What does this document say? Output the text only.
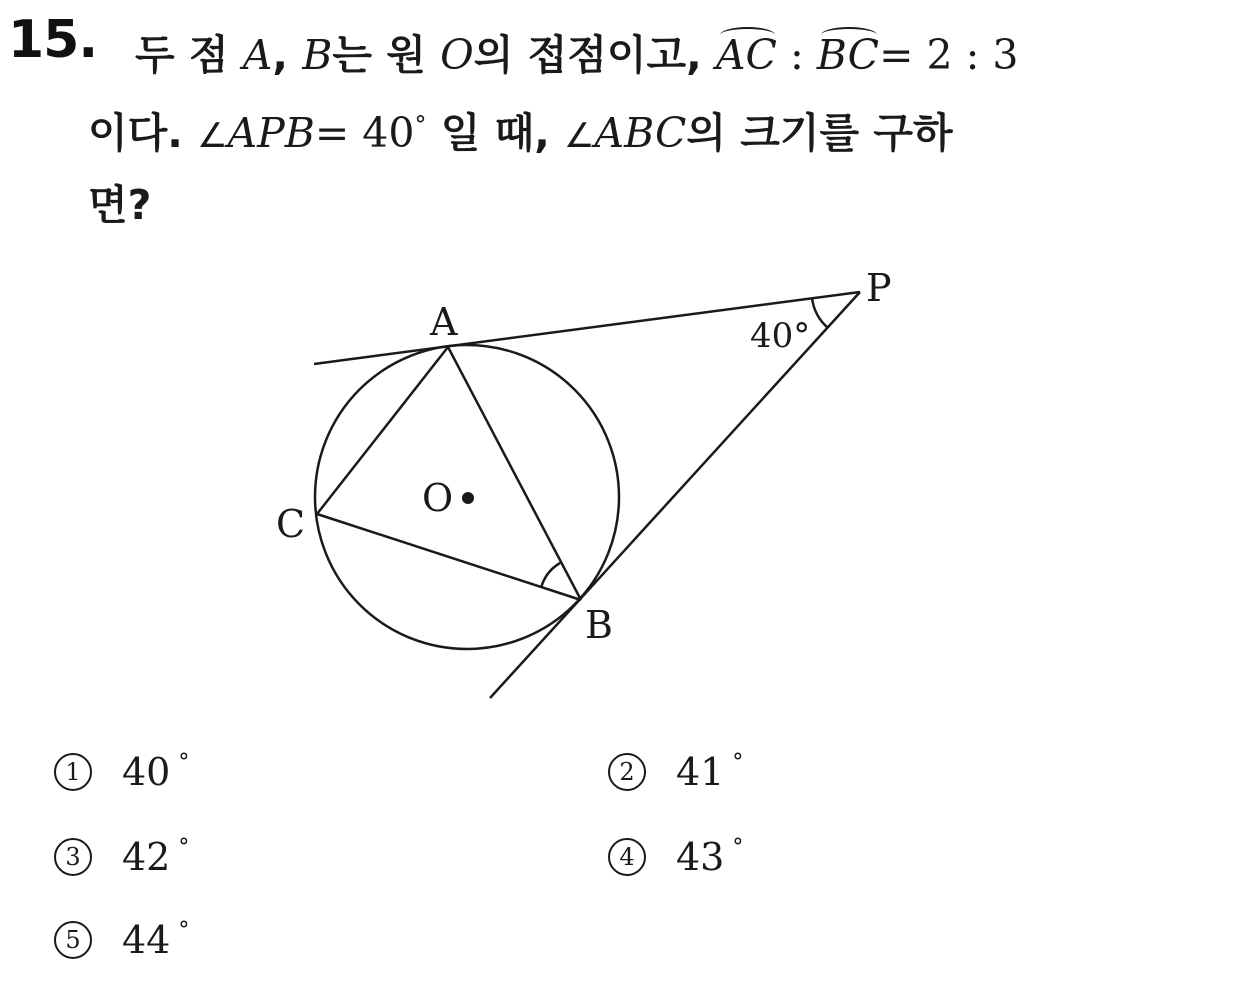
15. 두 점 A, B는 원 O의 접점이고, AC : BC= 2 : 3
이다. ∠APB= 40° 일 때, ∠ABC의 크기를 구하
면?
A
P
C
O
B
40°
1 40 °	2 41 °
3 42 °	4 43 °
5 44 °
